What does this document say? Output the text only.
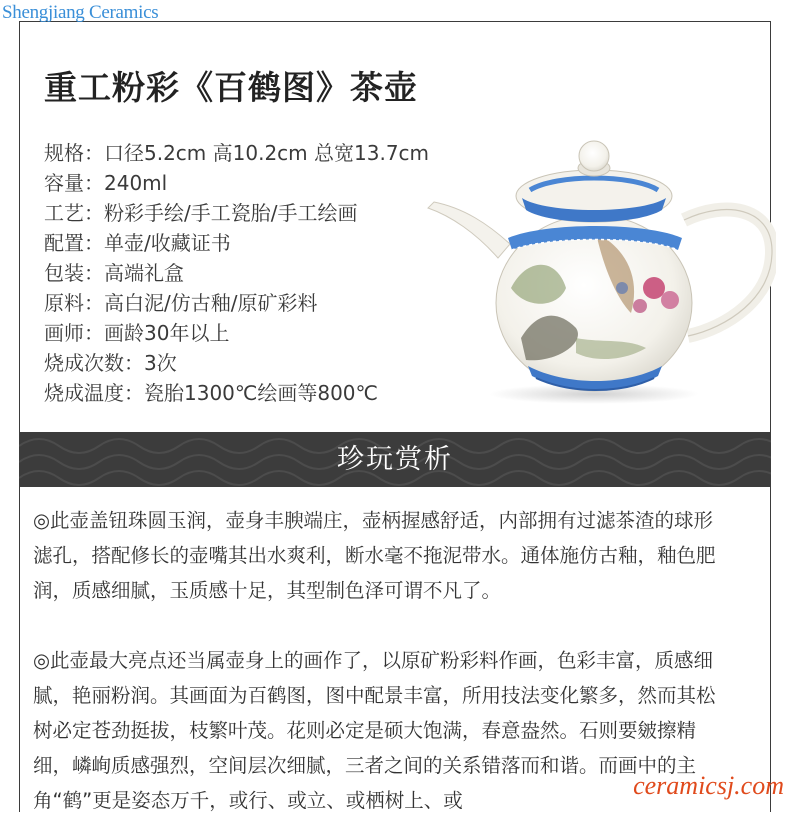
Shengjiang Ceramics
重工粉彩《百鹤图》茶壶
规格：口径5.2cm 高10.2cm 总宽13.7cm
容量：240ml
工艺：粉彩手绘/手工瓷胎/手工绘画
配置：单壶/收藏证书
包装：高端礼盒
原料：高白泥/仿古釉/原矿彩料
画师：画龄30年以上
烧成次数：3次
烧成温度：瓷胎1300℃绘画等800℃
珍玩赏析
◎此壶盖钮珠圆玉润，壶身丰腴端庄，壶柄握感舒适，内部拥有过滤茶渣的球形滤孔，搭配修长的壶嘴其出水爽利，断水毫不拖泥带水。通体施仿古釉，釉色肥润，质感细腻，玉质感十足，其型制色泽可谓不凡了。
◎此壶最大亮点还当属壶身上的画作了，以原矿粉彩料作画，色彩丰富，质感细腻，艳丽粉润。其画面为百鹤图，图中配景丰富，所用技法变化繁多，然而其松树必定苍劲挺拔，枝繁叶茂。花则必定是硕大饱满，春意盎然。石则要皴擦精细，嶙峋质感强烈，空间层次细腻，三者之间的关系错落而和谐。而画中的主角“鹤”更是姿态万千，或行、或立、或栖树上、或
ceramicsj.com
